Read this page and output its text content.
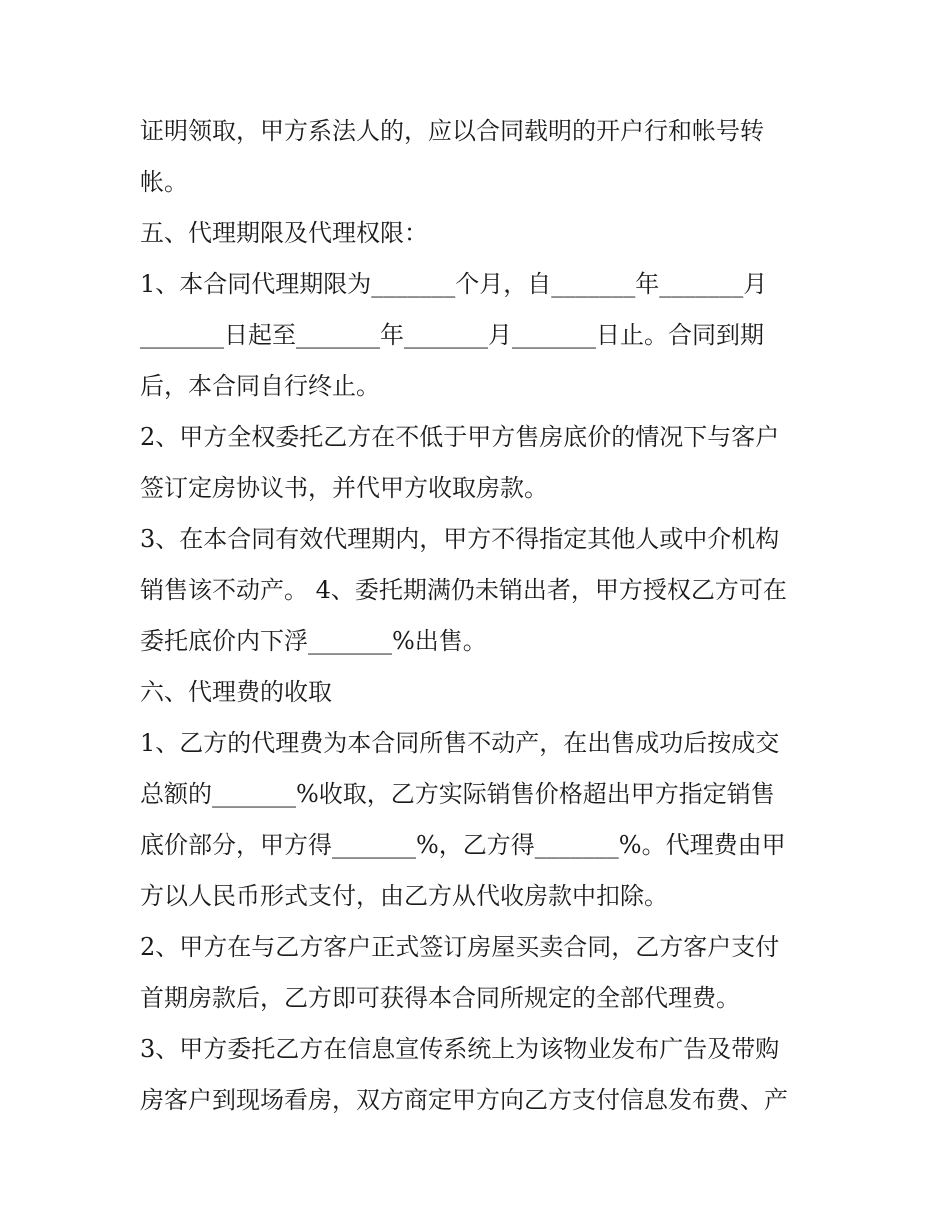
证明领取，甲方系法人的，应以合同载明的开户行和帐号转
帐。
五、代理期限及代理权限：
1、本合同代理期限为_______个月，自_______年_______月
_______日起至_______年_______月_______日止。合同到期
后，本合同自行终止。
2、甲方全权委托乙方在不低于甲方售房底价的情况下与客户
签订定房协议书，并代甲方收取房款。
3、在本合同有效代理期内，甲方不得指定其他人或中介机构
销售该不动产。 4、委托期满仍未销出者，甲方授权乙方可在
委托底价内下浮_______%出售。
六、代理费的收取
1、乙方的代理费为本合同所售不动产，在出售成功后按成交
总额的_______%收取，乙方实际销售价格超出甲方指定销售
底价部分，甲方得_______%，乙方得_______%。代理费由甲
方以人民币形式支付，由乙方从代收房款中扣除。
2、甲方在与乙方客户正式签订房屋买卖合同，乙方客户支付
首期房款后，乙方即可获得本合同所规定的全部代理费。
3、甲方委托乙方在信息宣传系统上为该物业发布广告及带购
房客户到现场看房，双方商定甲方向乙方支付信息发布费、产
